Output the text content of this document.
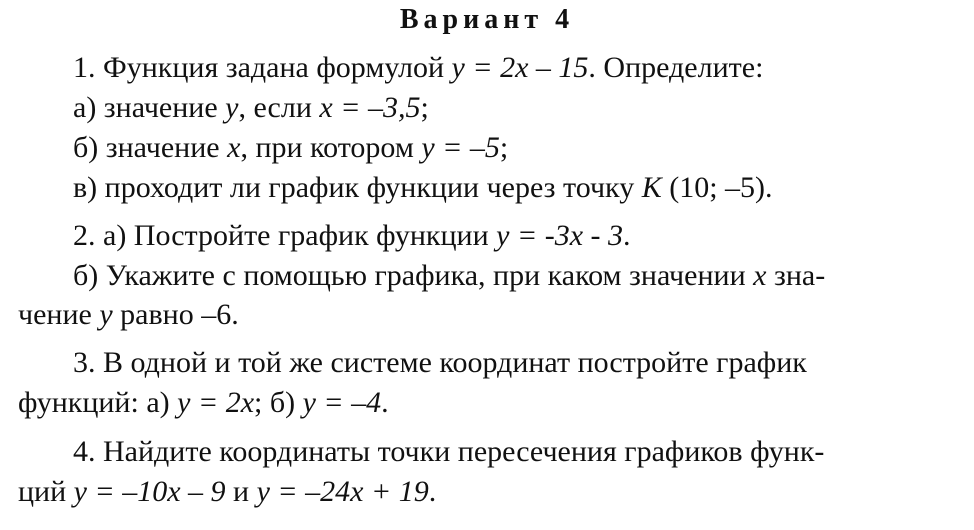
Вариант 4
1. Функция задана формулой y = 2x – 15. Определите:
а) значение y, если x = –3,5;
б) значение x, при котором y = –5;
в) проходит ли график функции через точку K (10; –5).
2. а) Постройте график функции y = -3x - 3.
б) Укажите с помощью графика, при каком значении x зна-
чение y равно –6.
3. В одной и той же системе координат постройте график
функций: а) y = 2x; б) y = –4.
4. Найдите координаты точки пересечения графиков функ-
ций y = –10x – 9 и y = –24x + 19.
